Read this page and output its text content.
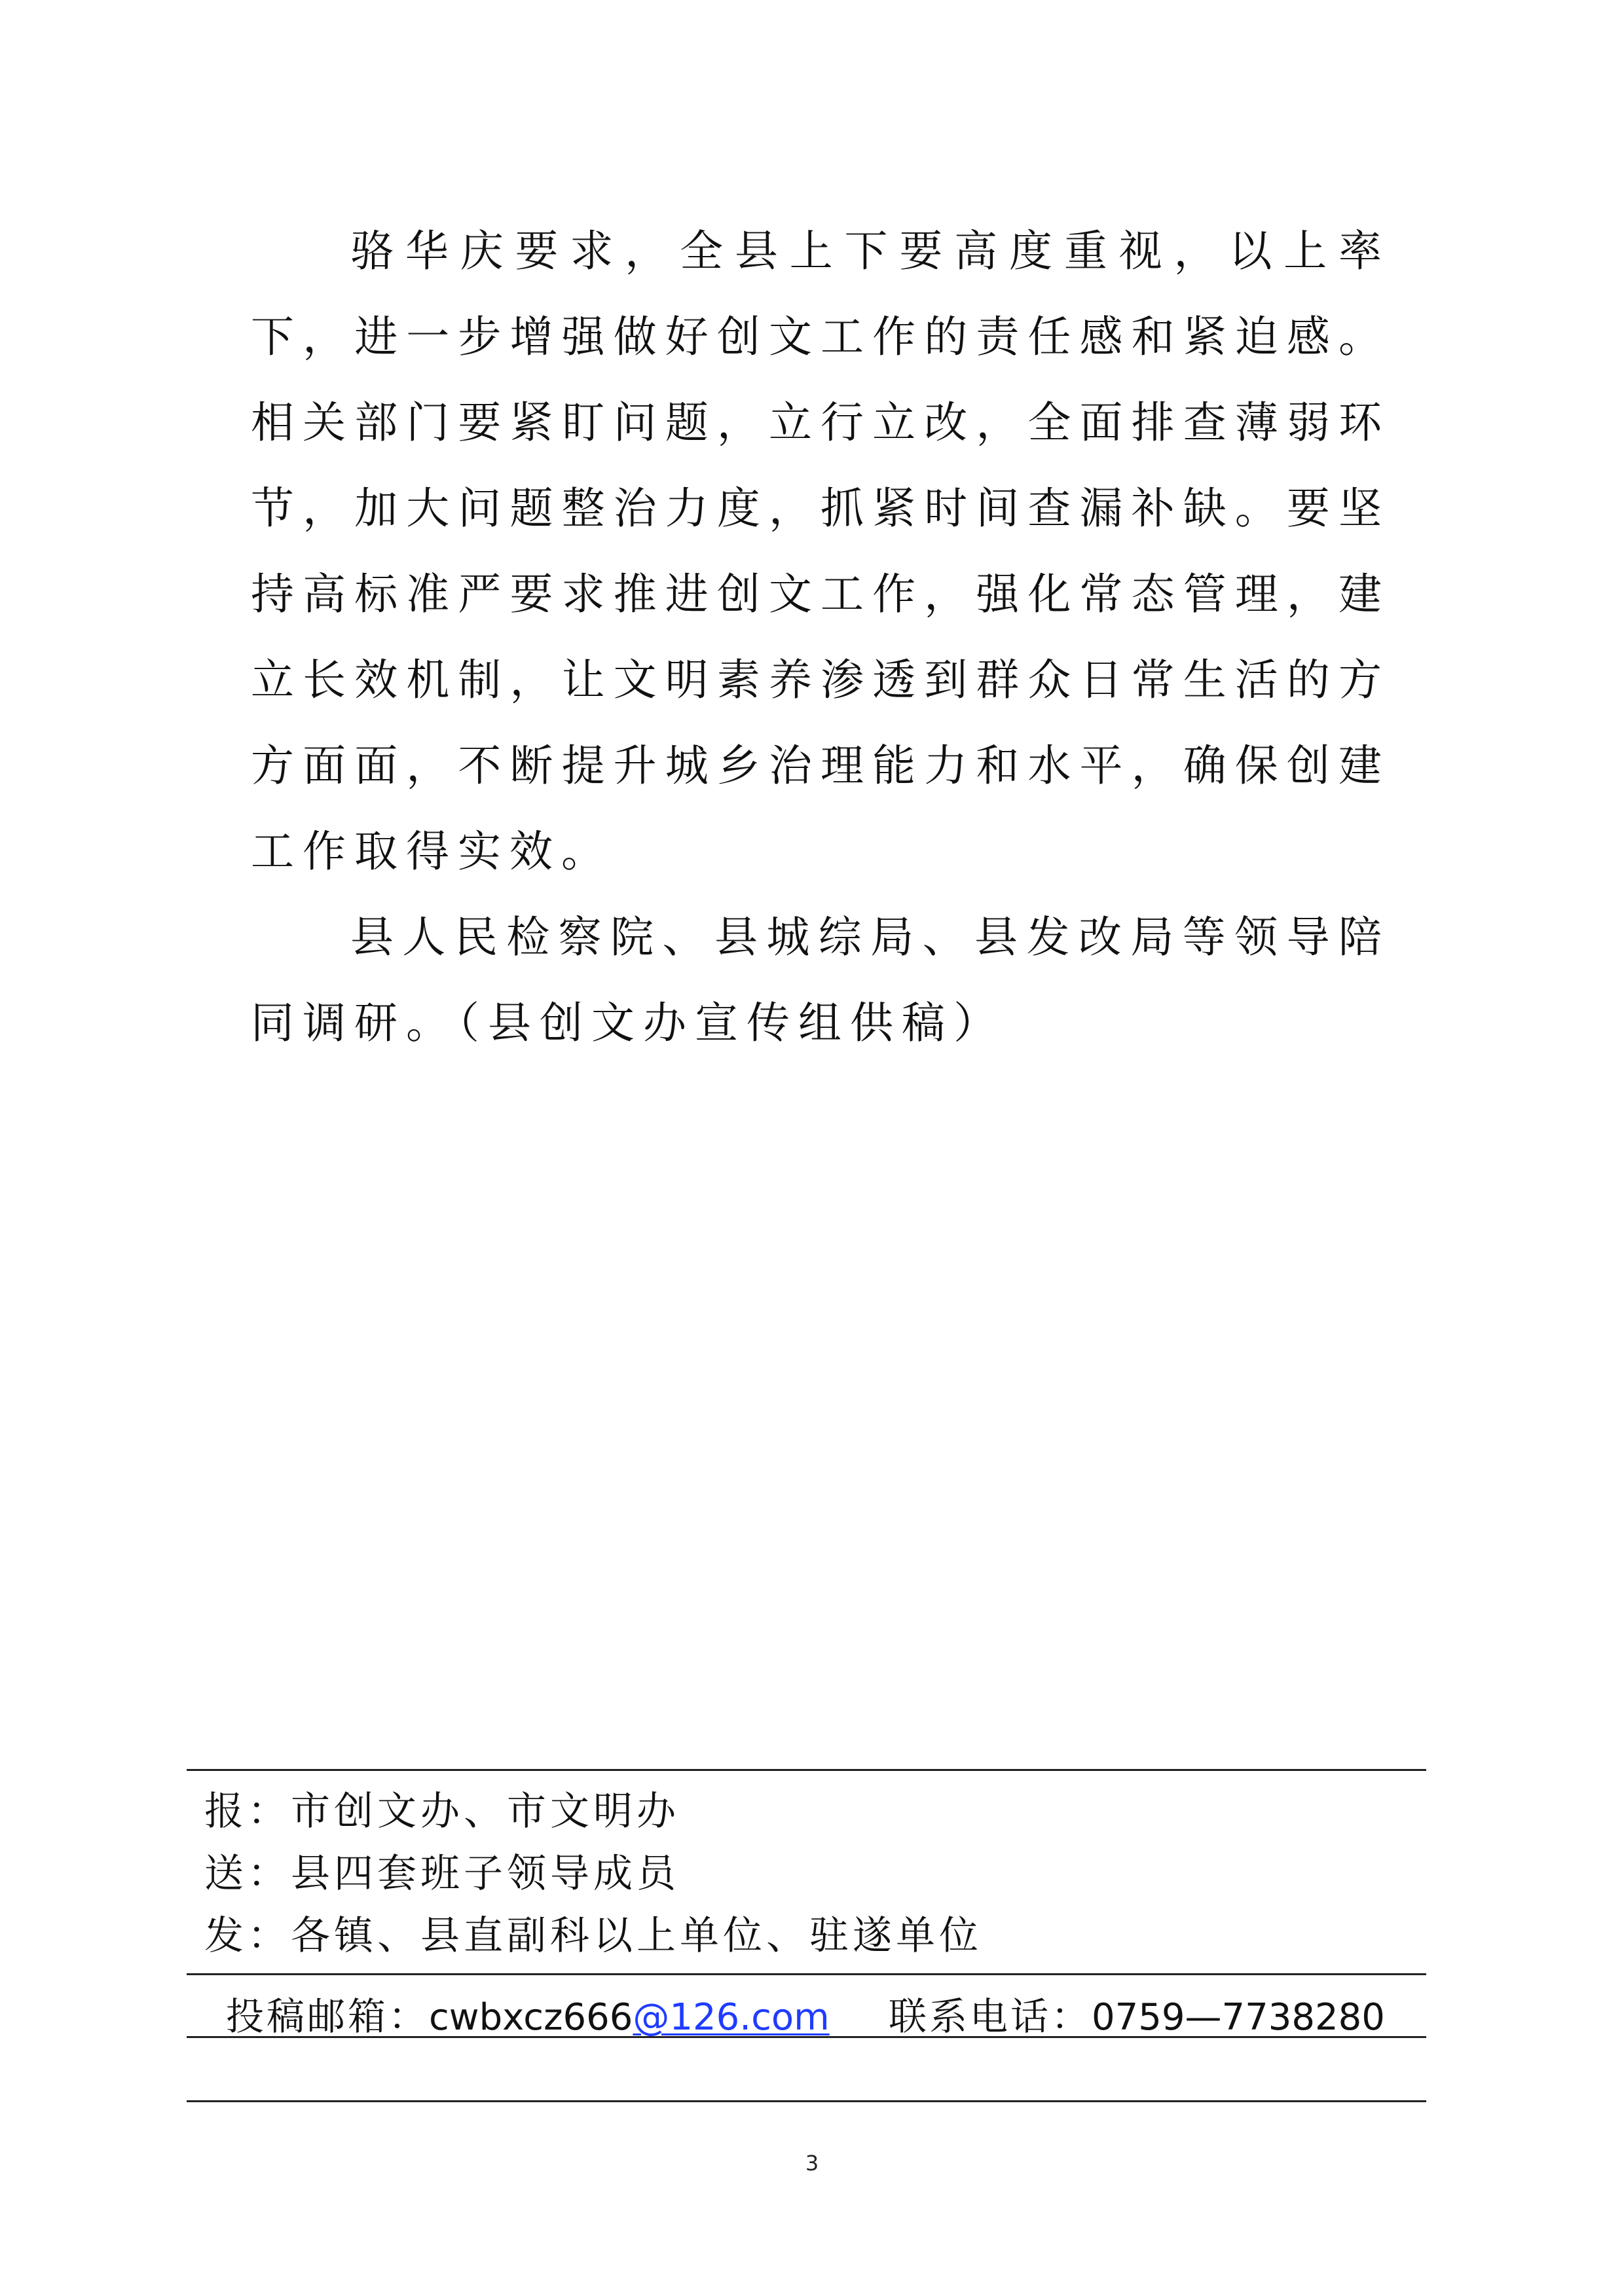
骆华庆要求，全县上下要高度重视，以上率下，进一步增强做好创文工作的责任感和紧迫感。相关部门要紧盯问题，立行立改，全面排查薄弱环节，加大问题整治力度，抓紧时间查漏补缺。要坚持高标准严要求推进创文工作，强化常态管理，建立长效机制，让文明素养渗透到群众日常生活的方方面面，不断提升城乡治理能力和水平，确保创建工作取得实效。

县人民检察院、县城综局、县发改局等领导陪同调研。（县创文办宣传组供稿）

报：市创文办、市文明办
送：县四套班子领导成员
发：各镇、县直副科以上单位、驻遂单位
投稿邮箱：cwbxcz666@126.com 联系电话：0759—7738280
3
